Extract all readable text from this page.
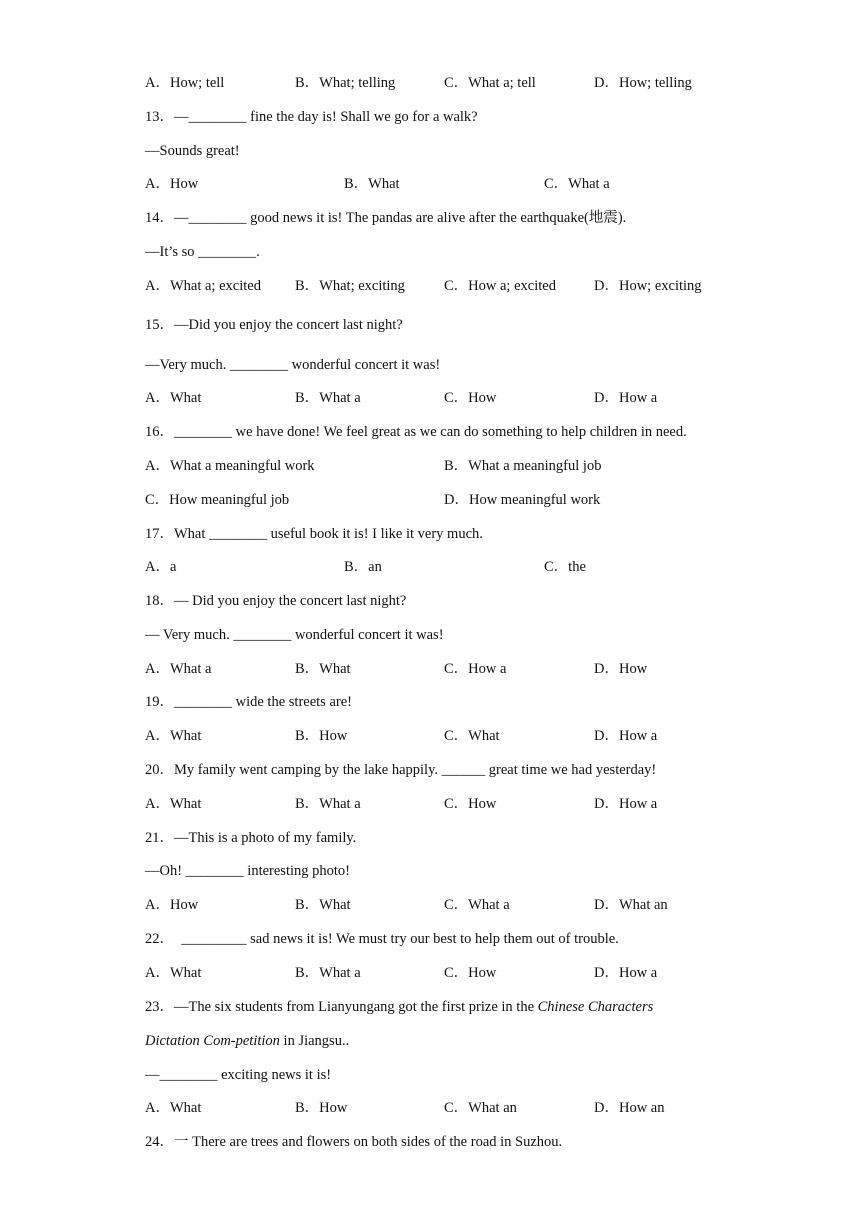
A．How; tell	B．What; telling	C．What a; tell	D．How; telling
13．—________ fine the day is! Shall we go for a walk?
—Sounds great!
A．How	B．What	C．What a
14．—________ good news it is! The pandas are alive after the earthquake(地震).
—It’s so ________.
A．What a; excited B．What; exciting	C．How a; excited	D．How; exciting
15．—Did you enjoy the concert last night?
—Very much. ________ wonderful concert it was!
A．What	B．What a	C．How	D．How a
16．________ we have done! We feel great as we can do something to help children in need.
A．What a meaningful work	B．What a meaningful job
C．How meaningful job	D．How meaningful work
17．What ________ useful book it is! I like it very much.
A．a	B．an	C．the
18．— Did you enjoy the concert last night?
— Very much. ________ wonderful concert it was!
A．What a	B．What	C．How a	D．How
19．________ wide the streets are!
A．What	B．How	C．What	D．How a
20．My family went camping by the lake happily. ______ great time we had yesterday!
A．What	B．What a	C．How	D．How a
21．—This is a photo of my family.
—Oh! ________ interesting photo!
A．How	B．What	C．What a	D．What an
22．  _________ sad news it is! We must try our best to help them out of trouble.
A．What	B．What a	C．How	D．How a
23．—The six students from Lianyungang got the first prize in the Chinese Characters
Dictation Com-petition in Jiangsu..
—________ exciting news it is!
A．What	B．How	C．What an	D．How an
24．一 There are trees and flowers on both sides of the road in Suzhou.
